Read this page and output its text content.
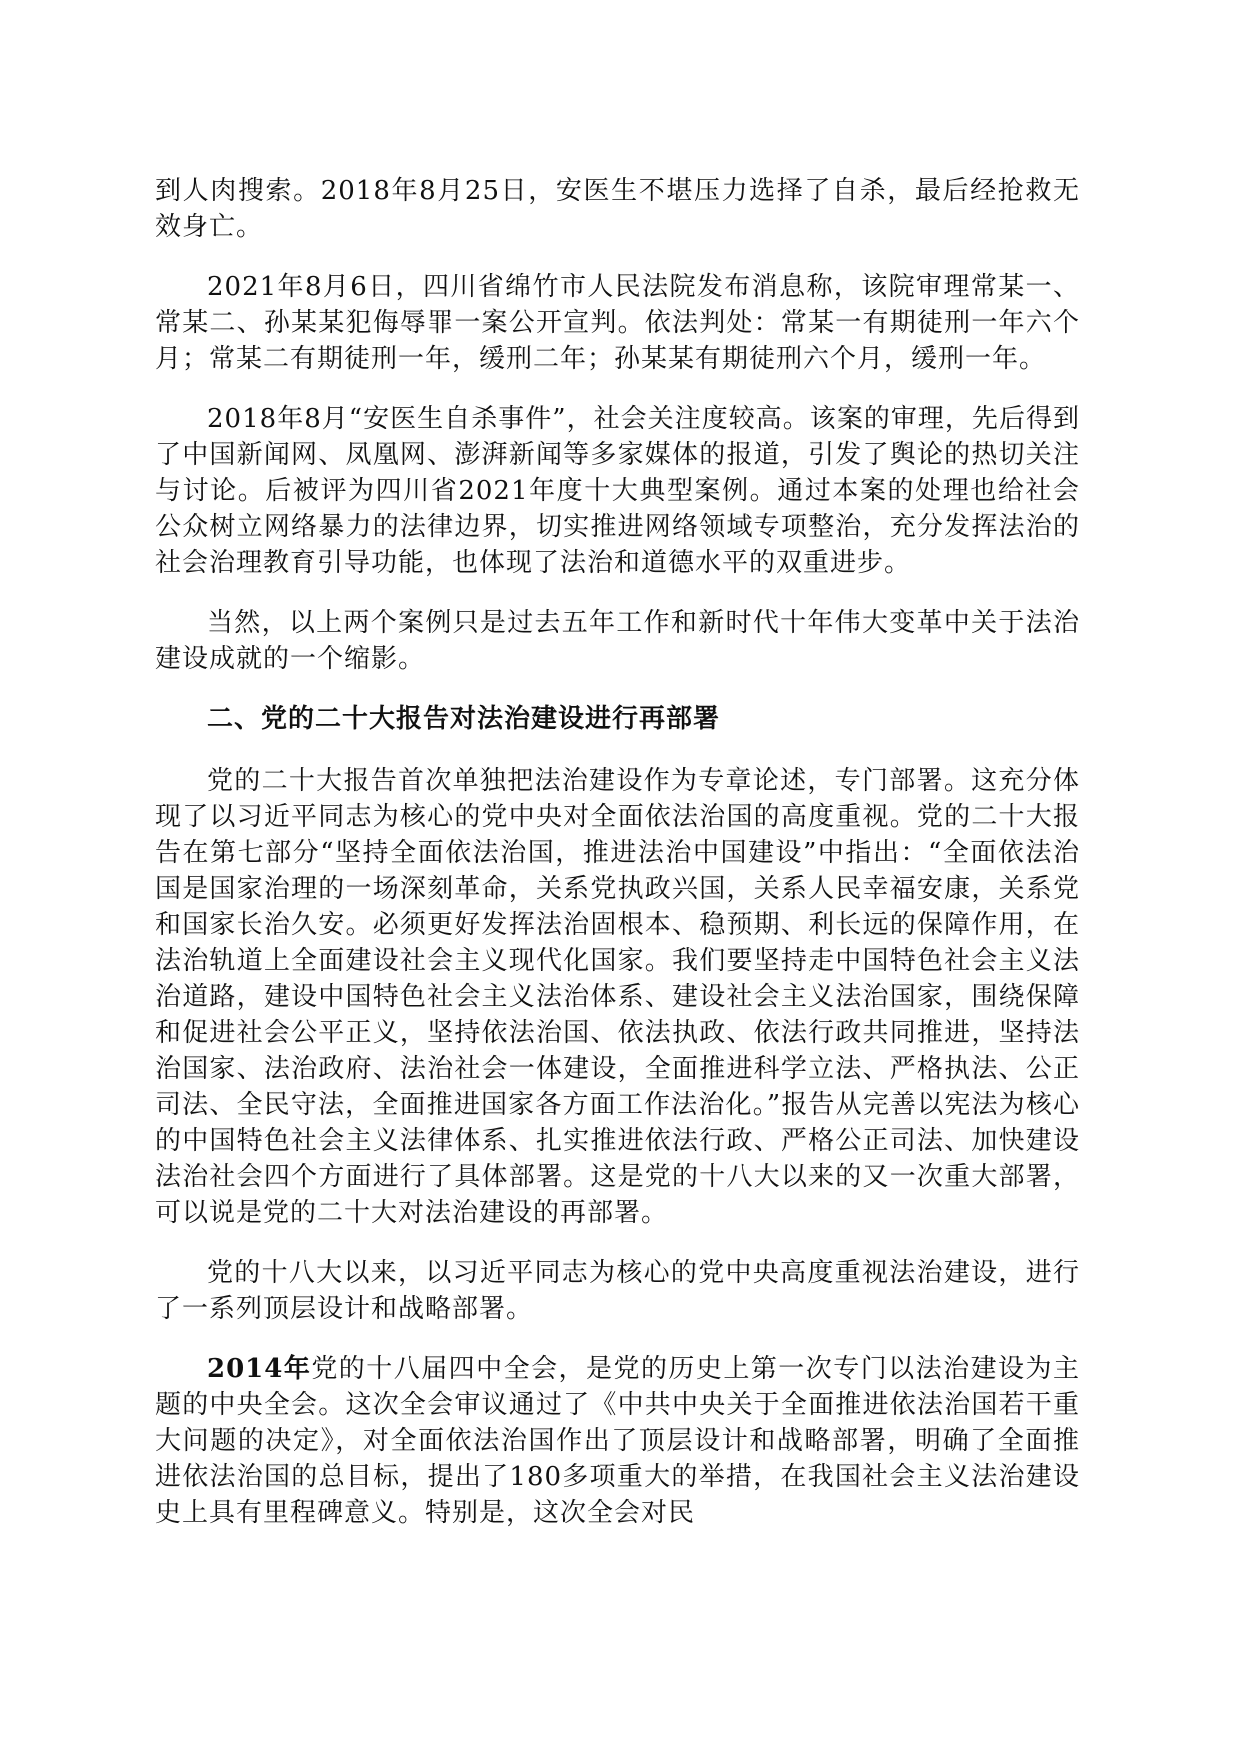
到人肉搜索。2018年8月25日，安医生不堪压力选择了自杀，最后经抢救无效身亡。

2021年8月6日，四川省绵竹市人民法院发布消息称，该院审理常某一、常某二、孙某某犯侮辱罪一案公开宣判。依法判处：常某一有期徒刑一年六个月；常某二有期徒刑一年，缓刑二年；孙某某有期徒刑六个月，缓刑一年。

2018年8月“安医生自杀事件”，社会关注度较高。该案的审理，先后得到了中国新闻网、凤凰网、澎湃新闻等多家媒体的报道，引发了舆论的热切关注与讨论。后被评为四川省2021年度十大典型案例。通过本案的处理也给社会公众树立网络暴力的法律边界，切实推进网络领域专项整治，充分发挥法治的社会治理教育引导功能，也体现了法治和道德水平的双重进步。

当然，以上两个案例只是过去五年工作和新时代十年伟大变革中关于法治建设成就的一个缩影。

二、党的二十大报告对法治建设进行再部署

党的二十大报告首次单独把法治建设作为专章论述，专门部署。这充分体现了以习近平同志为核心的党中央对全面依法治国的高度重视。党的二十大报告在第七部分“坚持全面依法治国，推进法治中国建设”中指出：“全面依法治国是国家治理的一场深刻革命，关系党执政兴国，关系人民幸福安康，关系党和国家长治久安。必须更好发挥法治固根本、稳预期、利长远的保障作用，在法治轨道上全面建设社会主义现代化国家。我们要坚持走中国特色社会主义法治道路，建设中国特色社会主义法治体系、建设社会主义法治国家，围绕保障和促进社会公平正义，坚持依法治国、依法执政、依法行政共同推进，坚持法治国家、法治政府、法治社会一体建设，全面推进科学立法、严格执法、公正司法、全民守法，全面推进国家各方面工作法治化。”报告从完善以宪法为核心的中国特色社会主义法律体系、扎实推进依法行政、严格公正司法、加快建设法治社会四个方面进行了具体部署。这是党的十八大以来的又一次重大部署，可以说是党的二十大对法治建设的再部署。

党的十八大以来，以习近平同志为核心的党中央高度重视法治建设，进行了一系列顶层设计和战略部署。

2014年党的十八届四中全会，是党的历史上第一次专门以法治建设为主题的中央全会。这次全会审议通过了《中共中央关于全面推进依法治国若干重大问题的决定》，对全面依法治国作出了顶层设计和战略部署，明确了全面推进依法治国的总目标，提出了180多项重大的举措，在我国社会主义法治建设史上具有里程碑意义。特别是，这次全会对民
